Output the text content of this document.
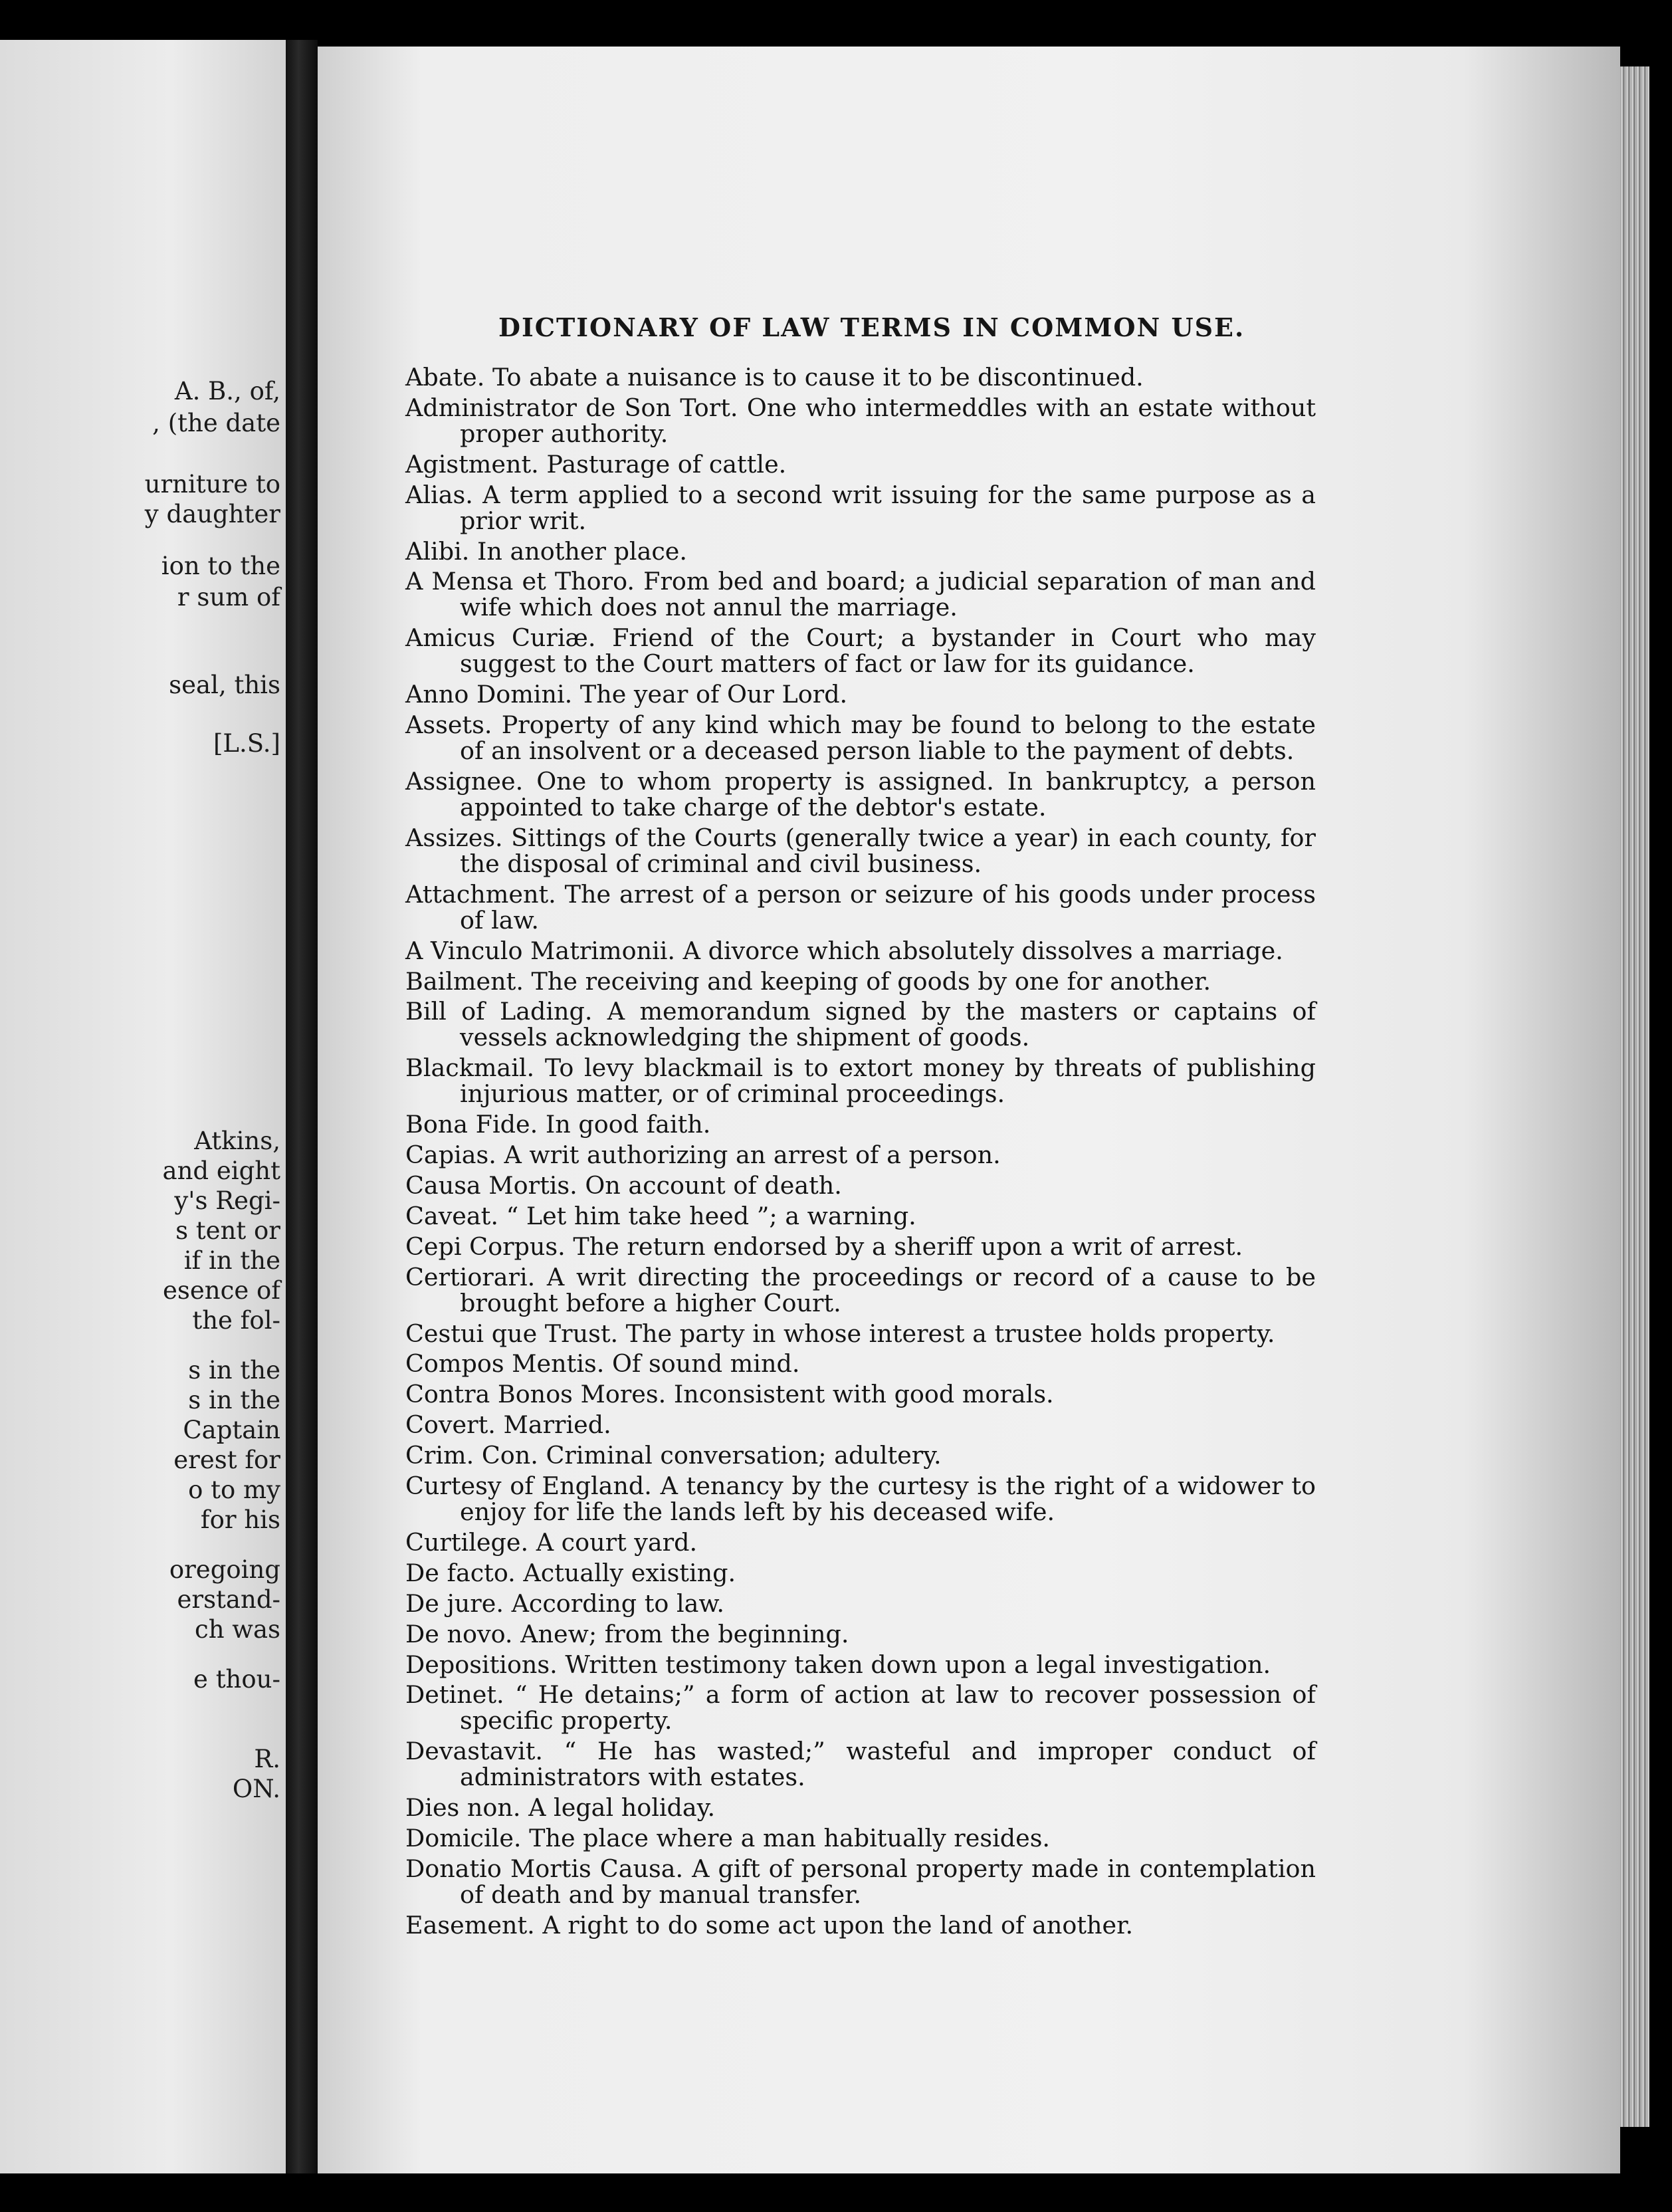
A. B., of,

, (the date

urniture to

y daughter

ion to the

r sum of

seal, this

[L.S.]

Atkins,

and eight

y's Regi-

s tent or

if in the

esence of

the fol-

s in the

s in the

Captain

erest for

o to my

for his

oregoing

erstand-

ch was

e thou-

R.

ON.

DICTIONARY OF LAW TERMS IN COMMON USE.
Abate. To abate a nuisance is to cause it to be discontinued.
Administrator de Son Tort. One who intermeddles with an estate without proper authority.
Agistment. Pasturage of cattle.
Alias. A term applied to a second writ issuing for the same purpose as a prior writ.
Alibi. In another place.
A Mensa et Thoro. From bed and board; a judicial separation of man and wife which does not annul the marriage.
Amicus Curiæ. Friend of the Court; a bystander in Court who may suggest to the Court matters of fact or law for its guidance.
Anno Domini. The year of Our Lord.
Assets. Property of any kind which may be found to belong to the estate of an insolvent or a deceased person liable to the payment of debts.
Assignee. One to whom property is assigned. In bankruptcy, a person appointed to take charge of the debtor's estate.
Assizes. Sittings of the Courts (generally twice a year) in each county, for the disposal of criminal and civil business.
Attachment. The arrest of a person or seizure of his goods under process of law.
A Vinculo Matrimonii. A divorce which absolutely dissolves a marriage.
Bailment. The receiving and keeping of goods by one for another.
Bill of Lading. A memorandum signed by the masters or captains of vessels acknowledging the shipment of goods.
Blackmail. To levy blackmail is to extort money by threats of publishing injurious matter, or of criminal proceedings.
Bona Fide. In good faith.
Capias. A writ authorizing an arrest of a person.
Causa Mortis. On account of death.
Caveat. “ Let him take heed ”; a warning.
Cepi Corpus. The return endorsed by a sheriff upon a writ of arrest.
Certiorari. A writ directing the proceedings or record of a cause to be brought before a higher Court.
Cestui que Trust. The party in whose interest a trustee holds property.
Compos Mentis. Of sound mind.
Contra Bonos Mores. Inconsistent with good morals.
Covert. Married.
Crim. Con. Criminal conversation; adultery.
Curtesy of England. A tenancy by the curtesy is the right of a widower to enjoy for life the lands left by his deceased wife.
Curtilege. A court yard.
De facto. Actually existing.
De jure. According to law.
De novo. Anew; from the beginning.
Depositions. Written testimony taken down upon a legal investigation.
Detinet. “ He detains;” a form of action at law to recover possession of specific property.
Devastavit. “ He has wasted;” wasteful and improper conduct of administrators with estates.
Dies non. A legal holiday.
Domicile. The place where a man habitually resides.
Donatio Mortis Causa. A gift of personal property made in contemplation of death and by manual transfer.
Easement. A right to do some act upon the land of another.
